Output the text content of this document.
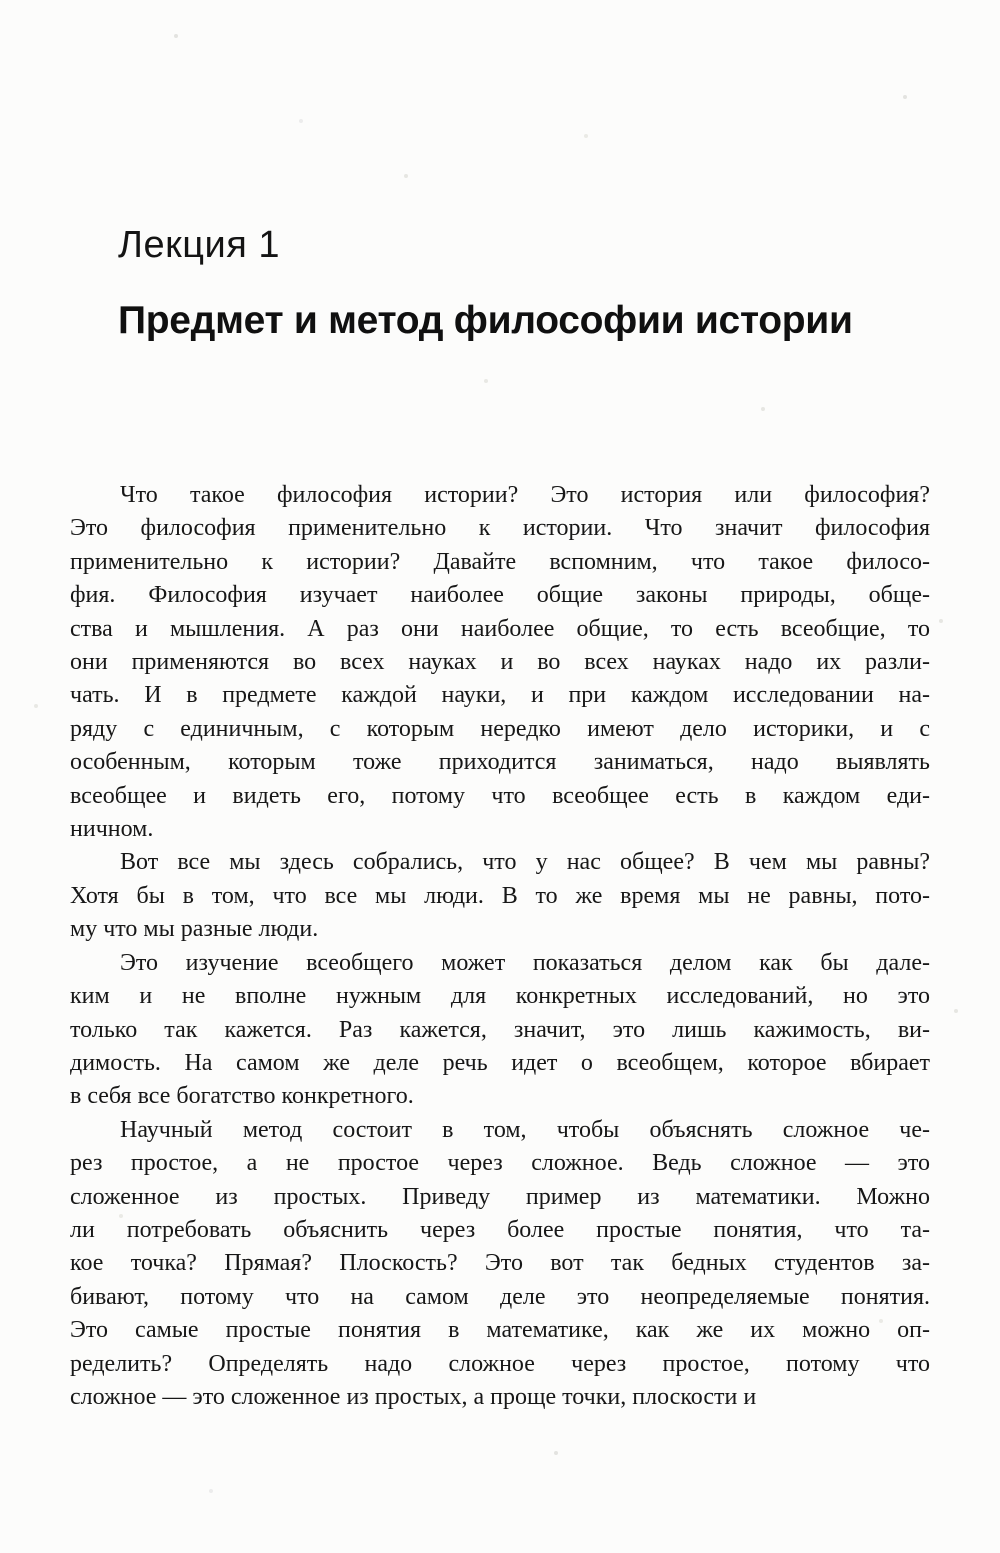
Лекция 1
Предмет и метод философии истории
Что такое философия истории? Это история или философия?
Это философия применительно к истории. Что значит философия
применительно к истории? Давайте вспомним, что такое филосо-
фия. Философия изучает наиболее общие законы природы, обще-
ства и мышления. А раз они наиболее общие, то есть всеобщие, то
они применяются во всех науках и во всех науках надо их разли-
чать. И в предмете каждой науки, и при каждом исследовании на-
ряду с единичным, с которым нередко имеют дело историки, и с
особенным, которым тоже приходится заниматься, надо выявлять
всеобщее и видеть его, потому что всеобщее есть в каждом еди-
ничном.
Вот все мы здесь собрались, что у нас общее? В чем мы равны?
Хотя бы в том, что все мы люди. В то же время мы не равны, пото-
му что мы разные люди.
Это изучение всеобщего может показаться делом как бы дале-
ким и не вполне нужным для конкретных исследований, но это
только так кажется. Раз кажется, значит, это лишь кажимость, ви-
димость. На самом же деле речь идет о всеобщем, которое вбирает
в себя все богатство конкретного.
Научный метод состоит в том, чтобы объяснять сложное че-
рез простое, а не простое через сложное. Ведь сложное — это
сложенное из простых. Приведу пример из математики. Можно
ли потребовать объяснить через более простые понятия, что та-
кое точка? Прямая? Плоскость? Это вот так бедных студентов за-
бивают, потому что на самом деле это неопределяемые понятия.
Это самые простые понятия в математике, как же их можно оп-
ределить? Определять надо сложное через простое, потому что
сложное — это сложенное из простых, а проще точки, плоскости и
